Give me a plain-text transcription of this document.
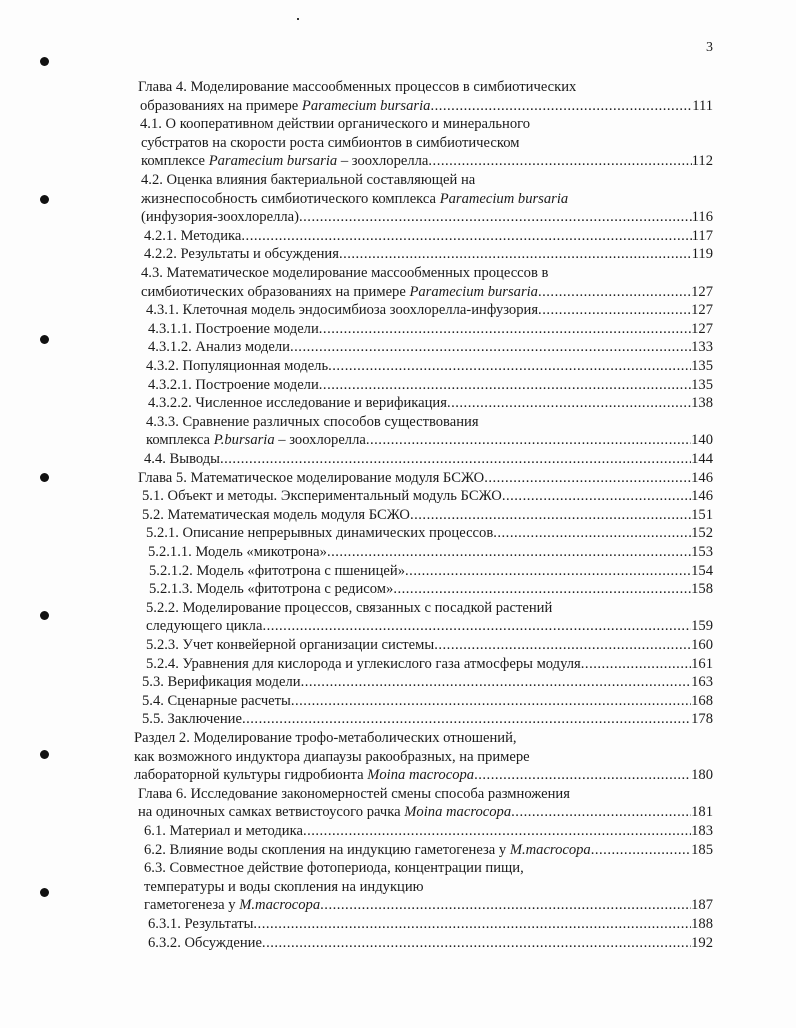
3
Глава 4. Моделирование массообменных процессов в симбиотических
образованиях на примере Paramecium bursaria .....	111
4.1. О кооперативном действии органического и минерального
субстратов на скорости роста симбионтов в симбиотическом
комплексе Paramecium bursaria – зоохлорелла .....	112
4.2. Оценка влияния бактериальной составляющей на
жизнеспособность симбиотического комплекса Paramecium bursaria
(инфузория-зоохлорелла) .....	116
4.2.1. Методика .....	117
4.2.2. Результаты и обсуждения .....	119
4.3. Математическое моделирование массообменных процессов в
симбиотических образованиях на примере Paramecium bursaria .....	127
4.3.1. Клеточная модель эндосимбиоза зоохлорелла-инфузория .....	127
4.3.1.1. Построение модели .....	127
4.3.1.2. Анализ модели .....	133
4.3.2. Популяционная модель .....	135
4.3.2.1. Построение модели .....	135
4.3.2.2. Численное исследование и верификация .....	138
4.3.3. Сравнение различных способов существования
комплекса P.bursaria – зоохлорелла .....	140
4.4. Выводы .....	144
Глава 5. Математическое моделирование модуля БСЖО .....	146
5.1. Объект и методы. Экспериментальный модуль БСЖО .....	146
5.2. Математическая модель модуля БСЖО .....	151
5.2.1. Описание непрерывных динамических процессов .....	152
5.2.1.1. Модель «микотрона» .....	153
5.2.1.2. Модель «фитотрона с пшеницей» .....	154
5.2.1.3. Модель «фитотрона с редисом» .....	158
5.2.2. Моделирование процессов, связанных с посадкой растений
следующего цикла .....	159
5.2.3. Учет конвейерной организации системы .....	160
5.2.4. Уравнения для кислорода и углекислого газа атмосферы модуля .....	161
5.3. Верификация модели .....	163
5.4. Сценарные расчеты .....	168
5.5. Заключение .....	178
Раздел 2. Моделирование трофо-метаболических отношений,
как возможного индуктора диапаузы ракообразных, на примере
лабораторной культуры гидробионта Moina macrocopa .....	180
Глава 6. Исследование закономерностей смены способа размножения
на одиночных самках ветвистоусого рачка Moina macrocopa .....	181
6.1. Материал и методика .....	183
6.2. Влияние воды скопления на индукцию гаметогенеза у M.macrocopa .....	185
6.3. Совместное действие фотопериода, концентрации пищи,
температуры и воды скопления на индукцию
гаметогенеза у M.macrocopa .....	187
6.3.1. Результаты .....	188
6.3.2. Обсуждение .....	192
